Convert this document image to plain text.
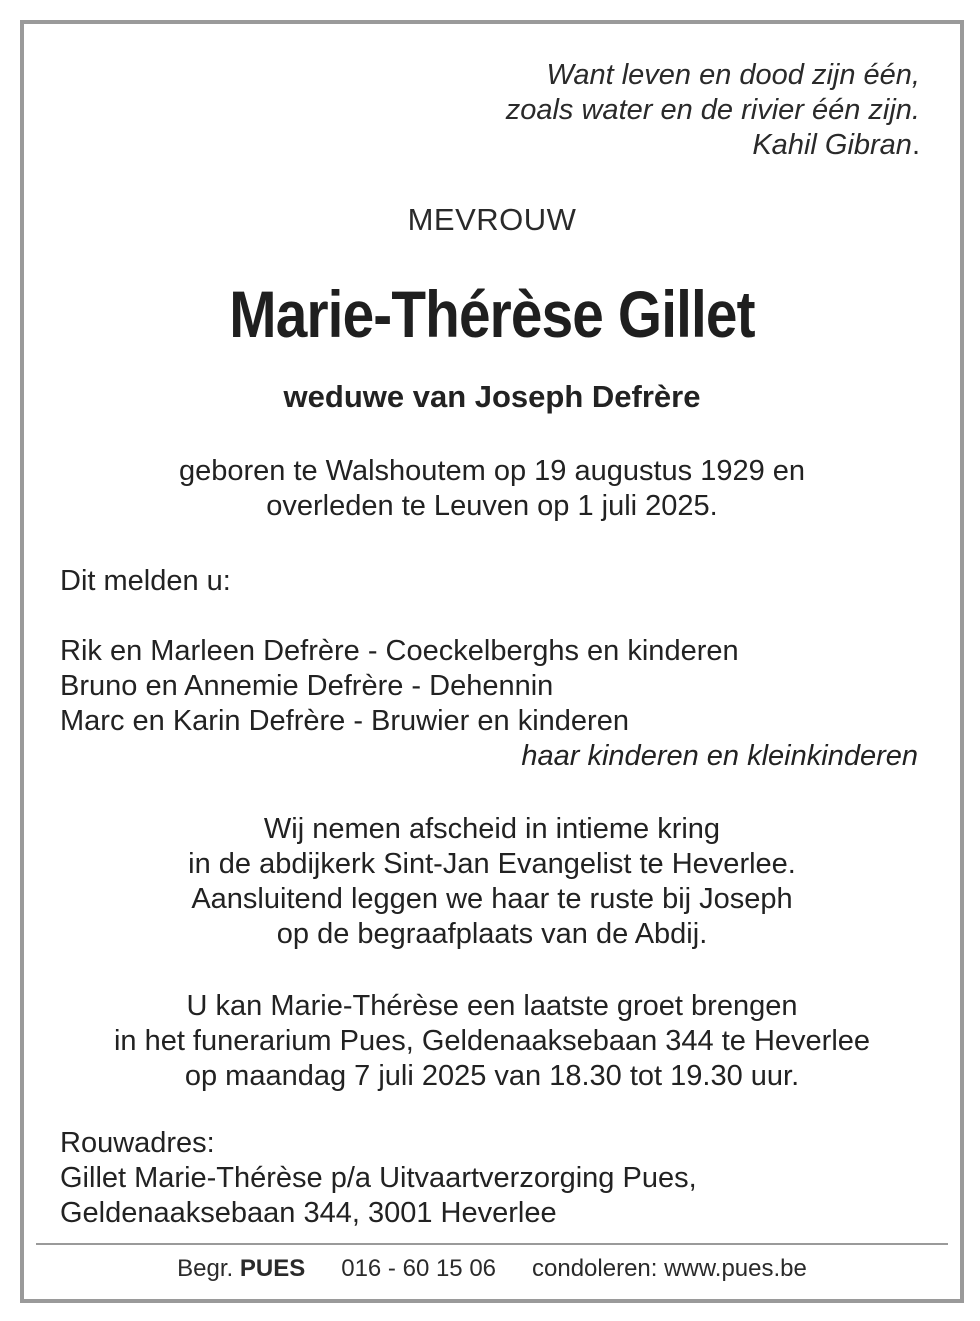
Want leven en dood zijn één,
zoals water en de rivier één zijn.
Kahil Gibran.
MEVROUW
Marie-Thérèse Gillet
weduwe van Joseph Defrère
geboren te Walshoutem op 19 augustus 1929 en
overleden te Leuven op 1 juli 2025.
Dit melden u:
Rik en Marleen Defrère - Coeckelberghs en kinderen
Bruno en Annemie Defrère - Dehennin
Marc en Karin Defrère - Bruwier en kinderen
haar kinderen en kleinkinderen
Wij nemen afscheid in intieme kring
in de abdijkerk Sint-Jan Evangelist te Heverlee.
Aansluitend leggen we haar te ruste bij Joseph
op de begraafplaats van de Abdij.
U kan Marie-Thérèse een laatste groet brengen
in het funerarium Pues, Geldenaaksebaan 344 te Heverlee
op maandag 7 juli 2025 van 18.30 tot 19.30 uur.
Rouwadres:
Gillet Marie-Thérèse p/a Uitvaartverzorging Pues,
Geldenaaksebaan 344, 3001 Heverlee
Begr. PUES 016 - 60 15 06 condoleren: www.pues.be
